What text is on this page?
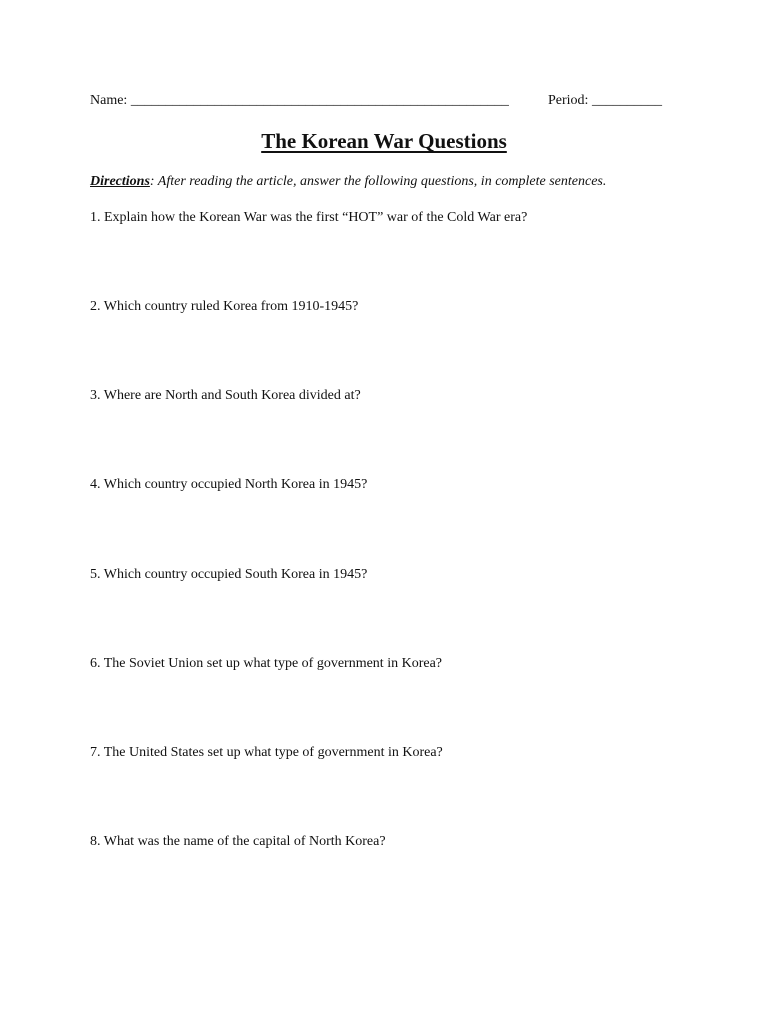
Name: ______________________________________________________	Period: __________
The Korean War Questions
Directions: After reading the article, answer the following questions, in complete sentences.
1. Explain how the Korean War was the first “HOT” war of the Cold War era?
2. Which country ruled Korea from 1910-1945?
3. Where are North and South Korea divided at?
4. Which country occupied North Korea in 1945?
5. Which country occupied South Korea in 1945?
6. The Soviet Union set up what type of government in Korea?
7. The United States set up what type of government in Korea?
8. What was the name of the capital of North Korea?
